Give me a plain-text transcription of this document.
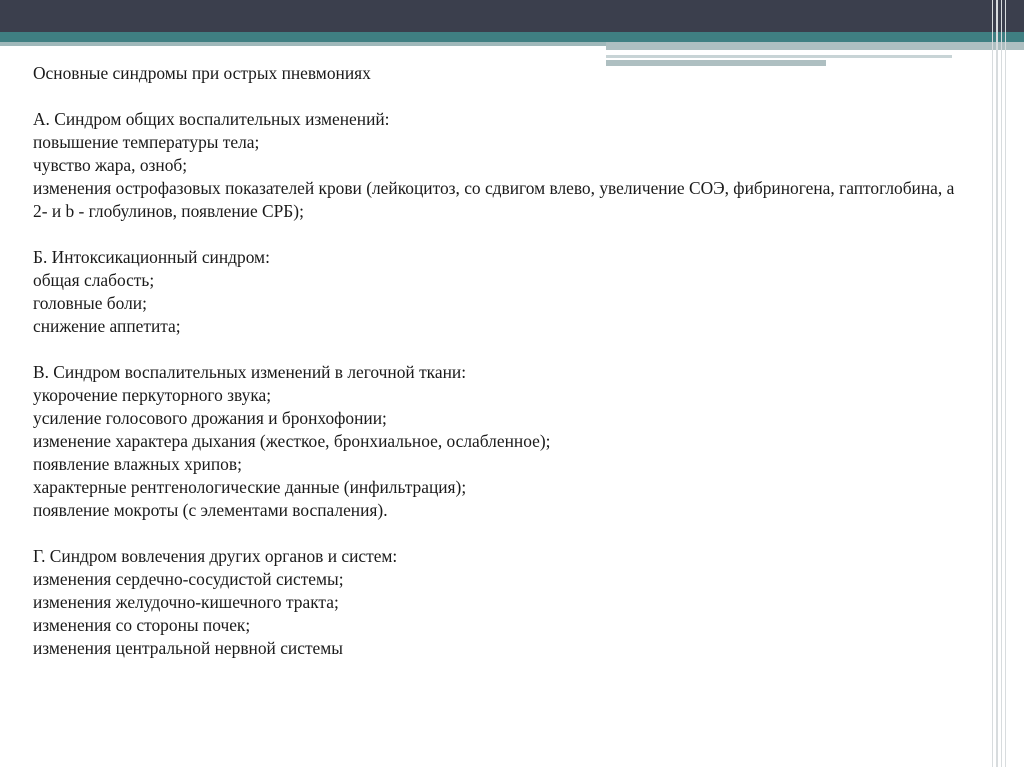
Основные синдромы при острых пневмониях

А. Синдром общих воспалительных изменений:

повышение температуры тела;

чувство жара, озноб;

изменения острофазовых показателей крови (лейкоцитоз, со сдвигом влево, увеличение СОЭ, фибриногена, гаптоглобина, а 2- и b - глобулинов, появление СРБ);

Б. Интоксикационный синдром:

общая слабость;

головные боли;

снижение аппетита;

В. Синдром воспалительных изменений в легочной ткани:

укорочение перкуторного звука;

усиление голосового дрожания и бронхофонии;

изменение характера дыхания (жесткое, бронхиальное, ослабленное);

появление влажных хрипов;

характерные рентгенологические данные (инфильтрация);

появление мокроты (с элементами воспаления).

Г. Синдром вовлечения других органов и систем:

изменения сердечно-сосудистой системы;

изменения желудочно-кишечного тракта;

изменения со стороны почек;

изменения центральной нервной системы
